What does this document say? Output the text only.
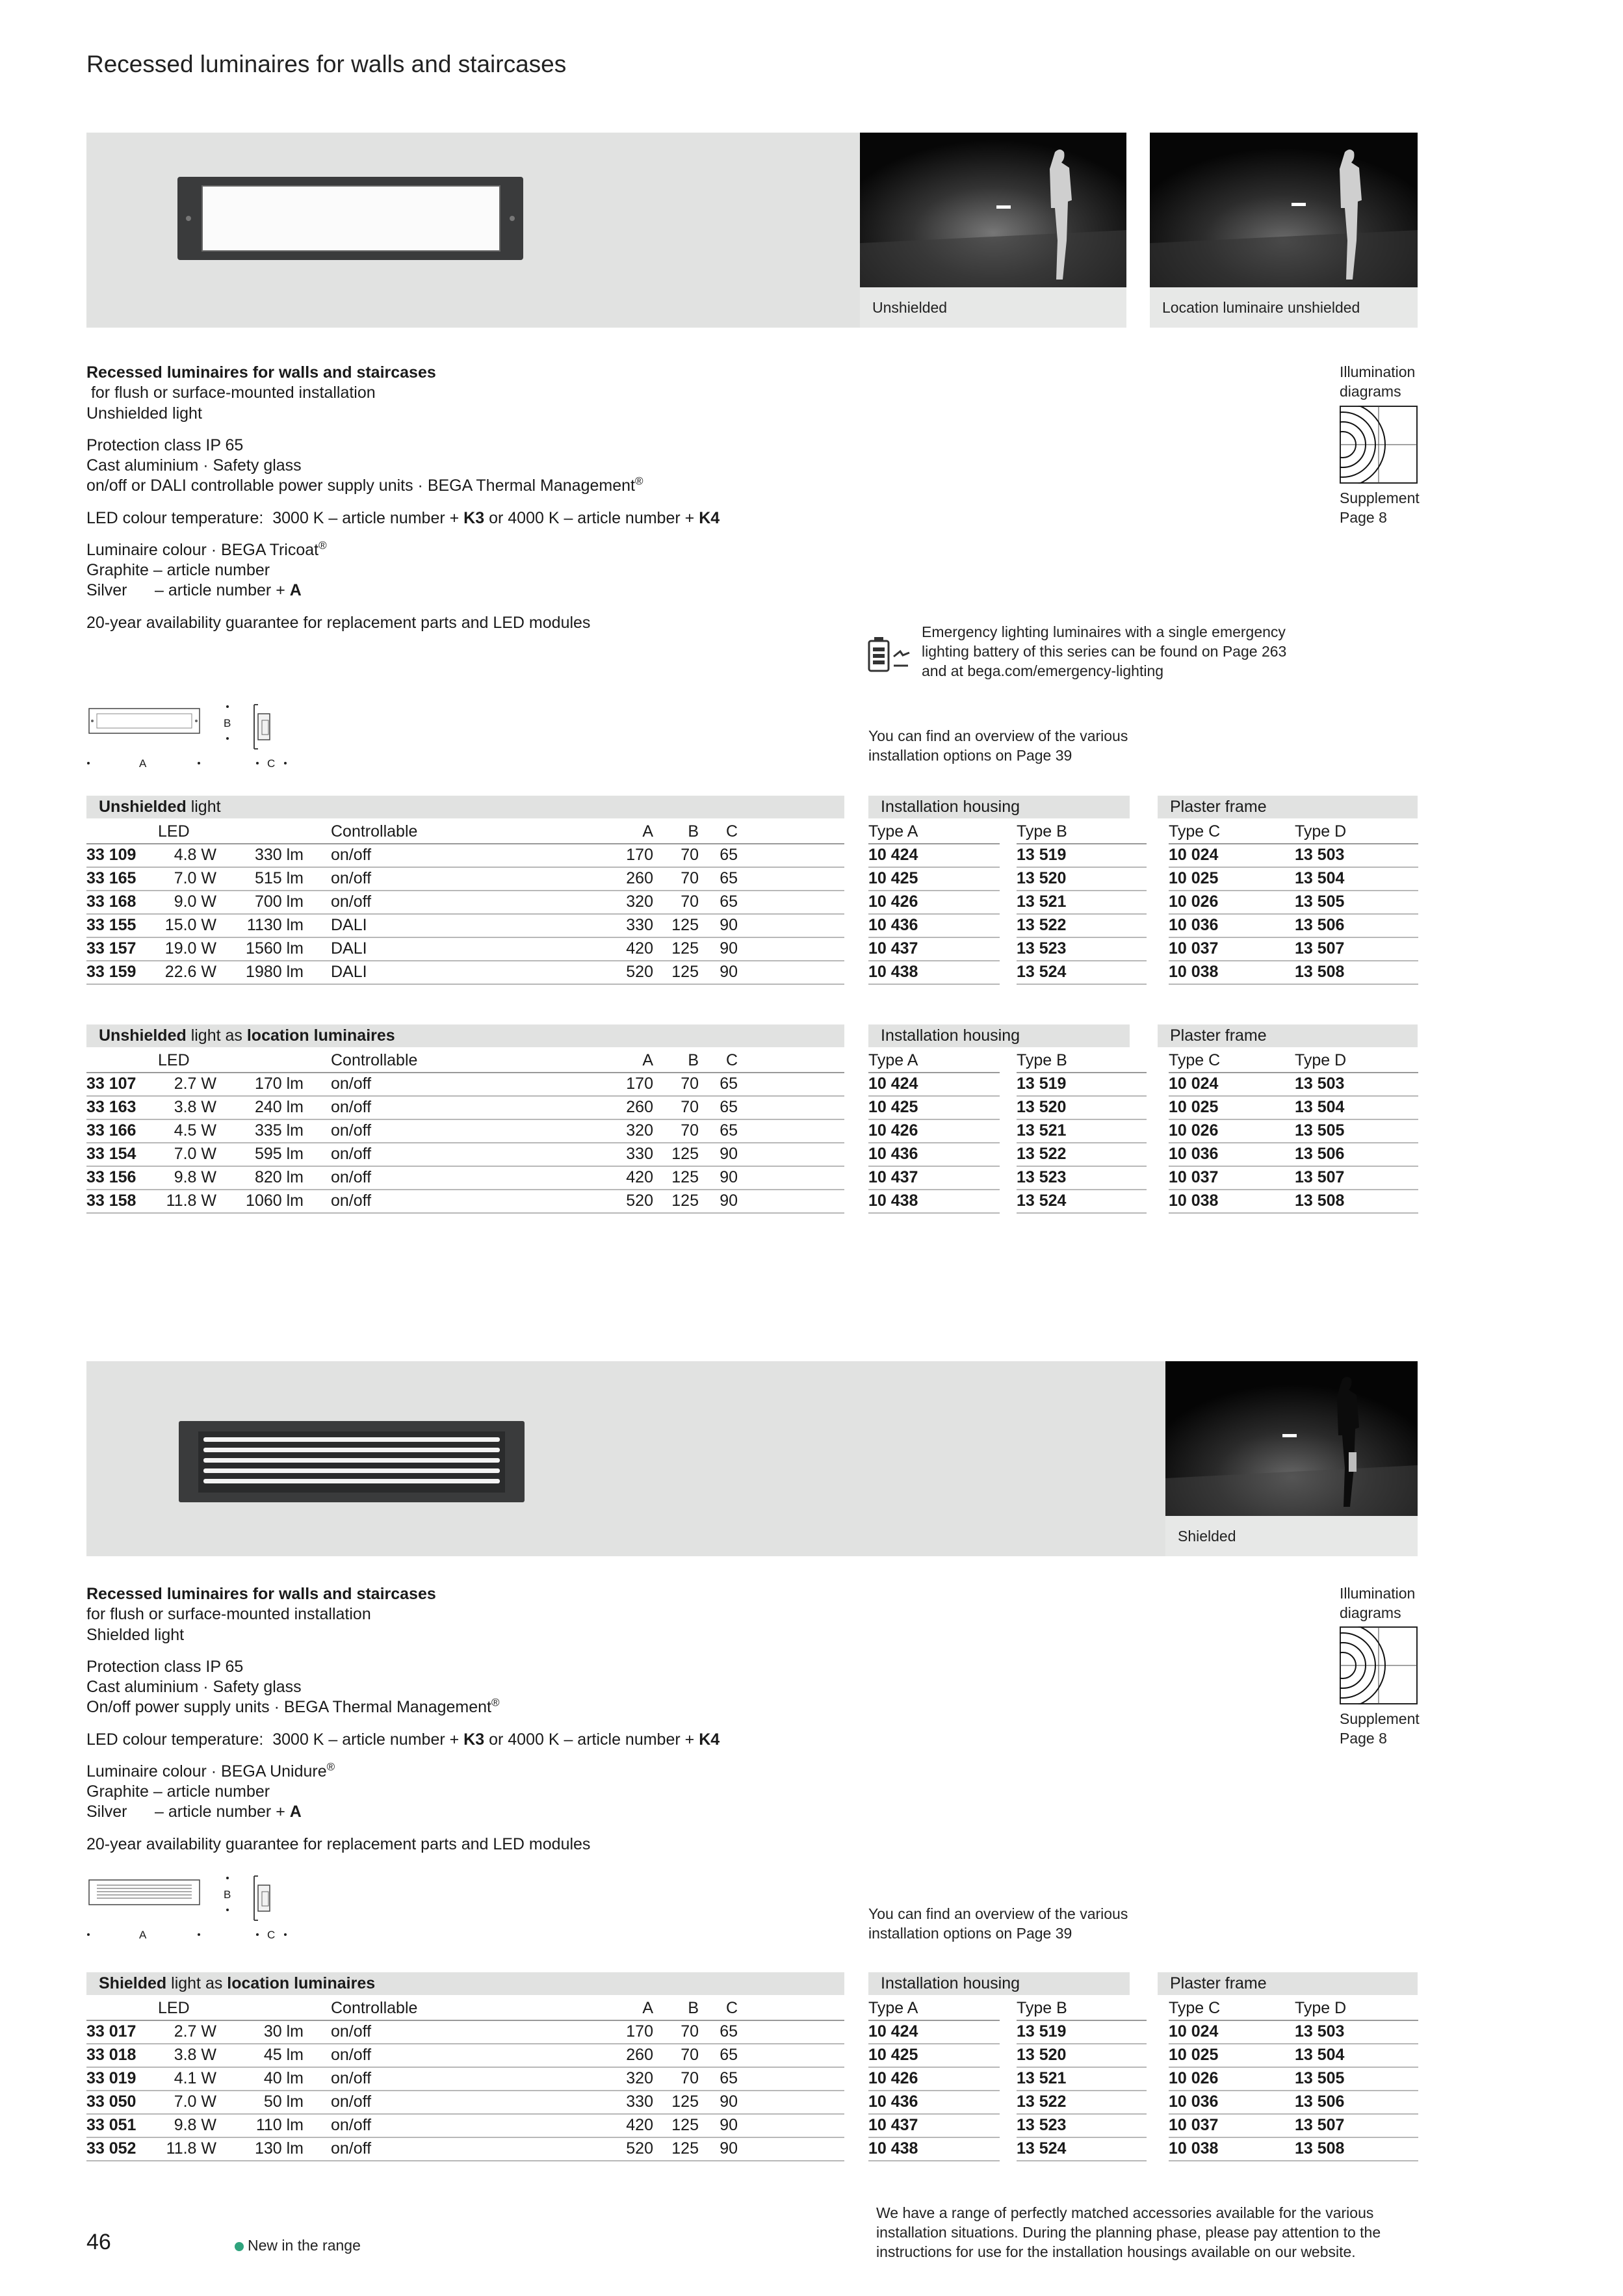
Recessed luminaires for walls and staircases
Unshielded	Location luminaire unshielded

Recessed luminaires for walls and staircases

for flush or surface-mounted installation

Unshielded light

Protection class IP 65

Cast aluminium · Safety glass

on/off or DALI controllable power supply units · BEGA Thermal Management®

LED colour temperature:  3000 K – article number + K3 or 4000 K – article number + K4

Luminaire colour · BEGA Tricoat®

Graphite – article number

Silver – article number + A

20-year availability guarantee for replacement parts and LED modules

Illumination
diagrams
Supplement
Page 8
Emergency lighting luminaires with a single emergency
lighting battery of this series can be found on Page 263
and at bega.com/emergency-lighting
B
A	C
You can find an overview of the various
installation options on Page 39
Unshielded light
	LED		Controllable	A	B	C	
33 109	4.8 W	330 lm	on/off	170	70	65	
33 165	7.0 W	515 lm	on/off	260	70	65	
33 168	9.0 W	700 lm	on/off	320	70	65	
33 155	15.0 W	1130 lm	DALI	330	125	90	
33 157	19.0 W	1560 lm	DALI	420	125	90	
33 159	22.6 W	1980 lm	DALI	520	125	90	
Installation housing	Plaster frame
Type A	Type B	Type C	Type D
10 424	13 519	10 024	13 503
10 425	13 520	10 025	13 504
10 426	13 521	10 026	13 505
10 436	13 522	10 036	13 506
10 437	13 523	10 037	13 507
10 438	13 524	10 038	13 508
Unshielded light as location luminaires
	LED		Controllable	A	B	C	
33 107	2.7 W	170 lm	on/off	170	70	65	
33 163	3.8 W	240 lm	on/off	260	70	65	
33 166	4.5 W	335 lm	on/off	320	70	65	
33 154	7.0 W	595 lm	on/off	330	125	90	
33 156	9.8 W	820 lm	on/off	420	125	90	
33 158	11.8 W	1060 lm	on/off	520	125	90	
Installation housing	Plaster frame
Type A	Type B	Type C	Type D
10 424	13 519	10 024	13 503
10 425	13 520	10 025	13 504
10 426	13 521	10 026	13 505
10 436	13 522	10 036	13 506
10 437	13 523	10 037	13 507
10 438	13 524	10 038	13 508
Shielded

Recessed luminaires for walls and staircases

for flush or surface-mounted installation

Shielded light

Protection class IP 65

Cast aluminium · Safety glass

On/off power supply units · BEGA Thermal Management®

LED colour temperature:  3000 K – article number + K3 or 4000 K – article number + K4

Luminaire colour · BEGA Unidure®

Graphite – article number

Silver – article number + A

20-year availability guarantee for replacement parts and LED modules

Illumination
diagrams
Supplement
Page 8
B
A	C
You can find an overview of the various
installation options on Page 39
Shielded light as location luminaires
	LED		Controllable	A	B	C	
33 017	2.7 W	30 lm	on/off	170	70	65	
33 018	3.8 W	45 lm	on/off	260	70	65	
33 019	4.1 W	40 lm	on/off	320	70	65	
33 050	7.0 W	50 lm	on/off	330	125	90	
33 051	9.8 W	110 lm	on/off	420	125	90	
33 052	11.8 W	130 lm	on/off	520	125	90	
Installation housing	Plaster frame
Type A	Type B	Type C	Type D
10 424	13 519	10 024	13 503
10 425	13 520	10 025	13 504
10 426	13 521	10 026	13 505
10 436	13 522	10 036	13 506
10 437	13 523	10 037	13 507
10 438	13 524	10 038	13 508
46	New in the range
We have a range of perfectly matched accessories available for the various
installation situations. During the planning phase, please pay attention to the
instructions for use for the installation housings available on our website.
